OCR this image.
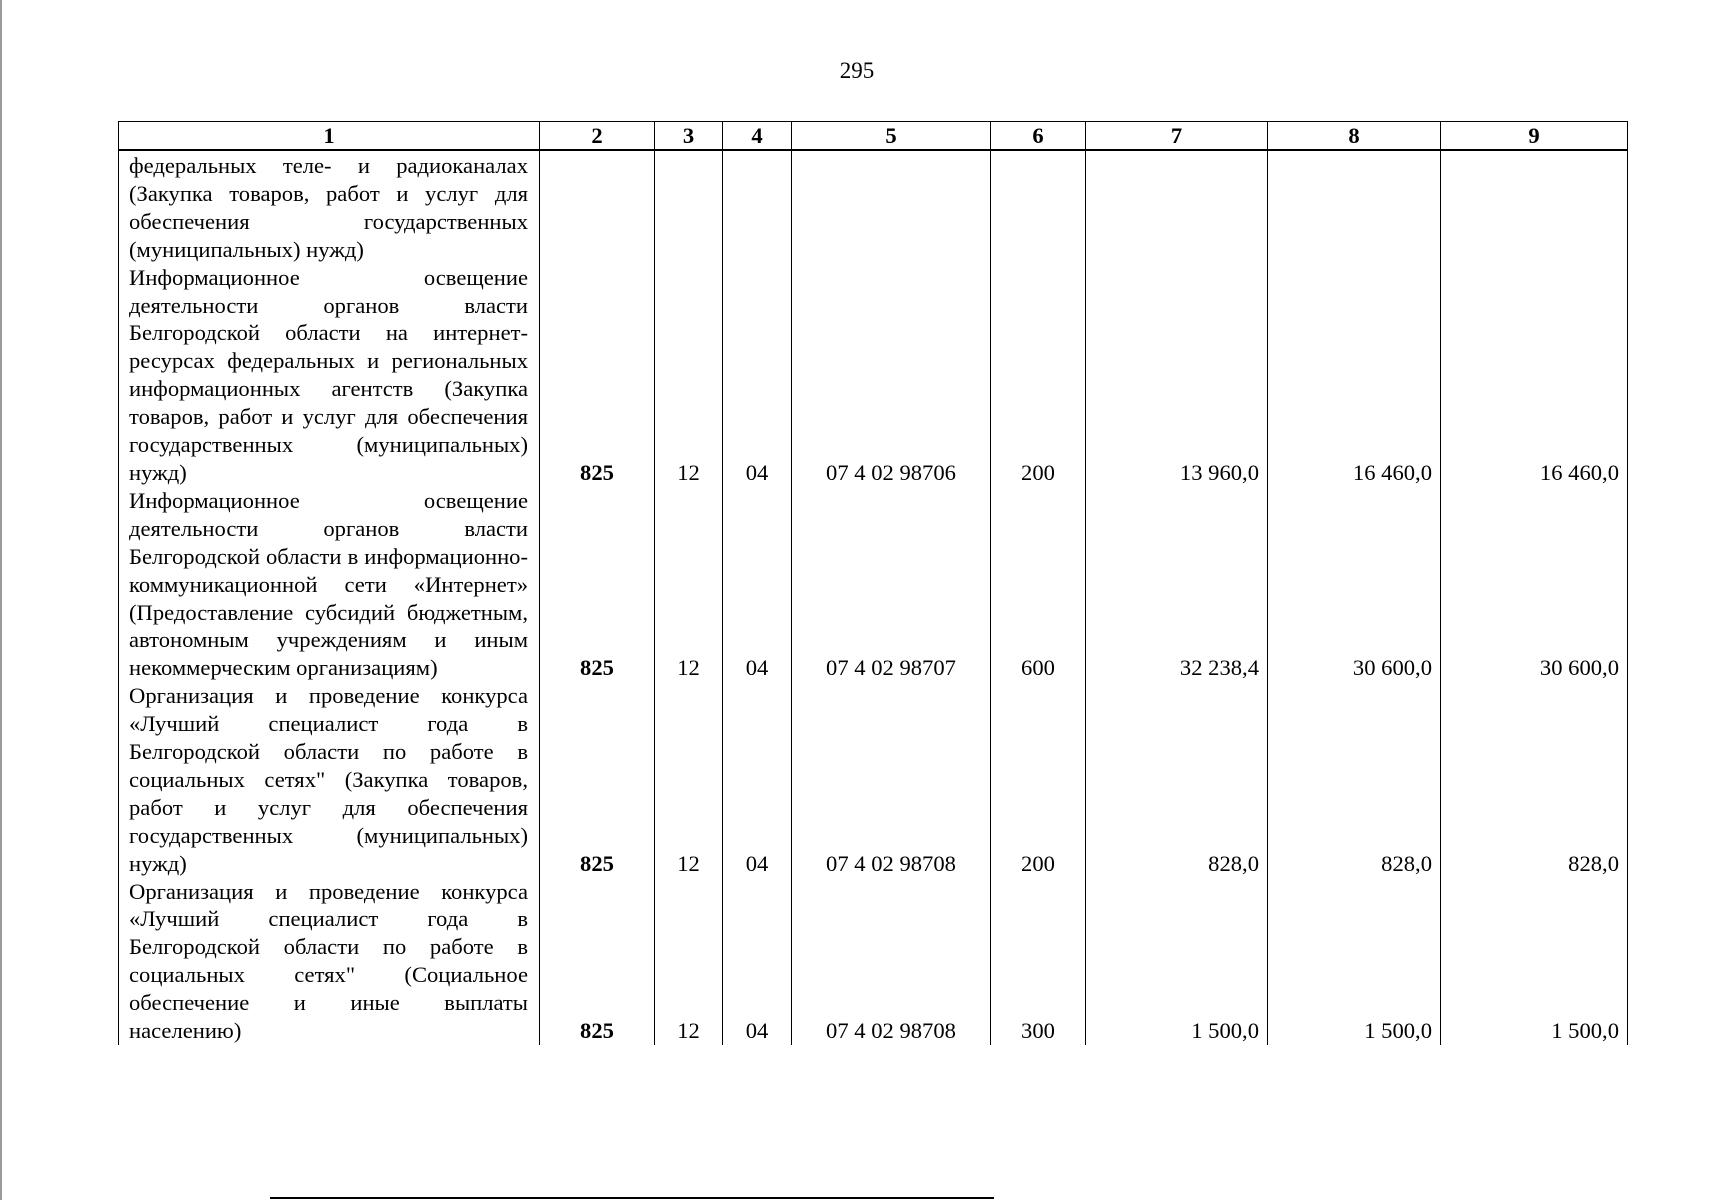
295
1	2	3	4	5	6	7	8	9
федеральных теле- и радиоканалах (Закупка товаров, работ и услуг для обеспечения государственных (муниципальных) нужд)								
Информационное освещение деятельности органов власти Белгородской области на интернет-ресурсах федеральных и региональных информационных агентств (Закупка товаров, работ и услуг для обеспечения государственных (муниципальных) нужд)	825	12	04	07 4 02 98706	200	13 960,0	16 460,0	16 460,0
Информационное освещение деятельности органов власти Белгородской области в информационно-коммуникационной сети «Интернет» (Предоставление субсидий бюджетным, автономным учреждениям и иным некоммерческим организациям)	825	12	04	07 4 02 98707	600	32 238,4	30 600,0	30 600,0
Организация и проведение конкурса «Лучший специалист года в Белгородской области по работе в социальных сетях" (Закупка товаров, работ и услуг для обеспечения государственных (муниципальных) нужд)	825	12	04	07 4 02 98708	200	828,0	828,0	828,0
Организация и проведение конкурса «Лучший специалист года в Белгородской области по работе в социальных сетях" (Социальное обеспечение и иные выплаты населению)	825	12	04	07 4 02 98708	300	1 500,0	1 500,0	1 500,0
